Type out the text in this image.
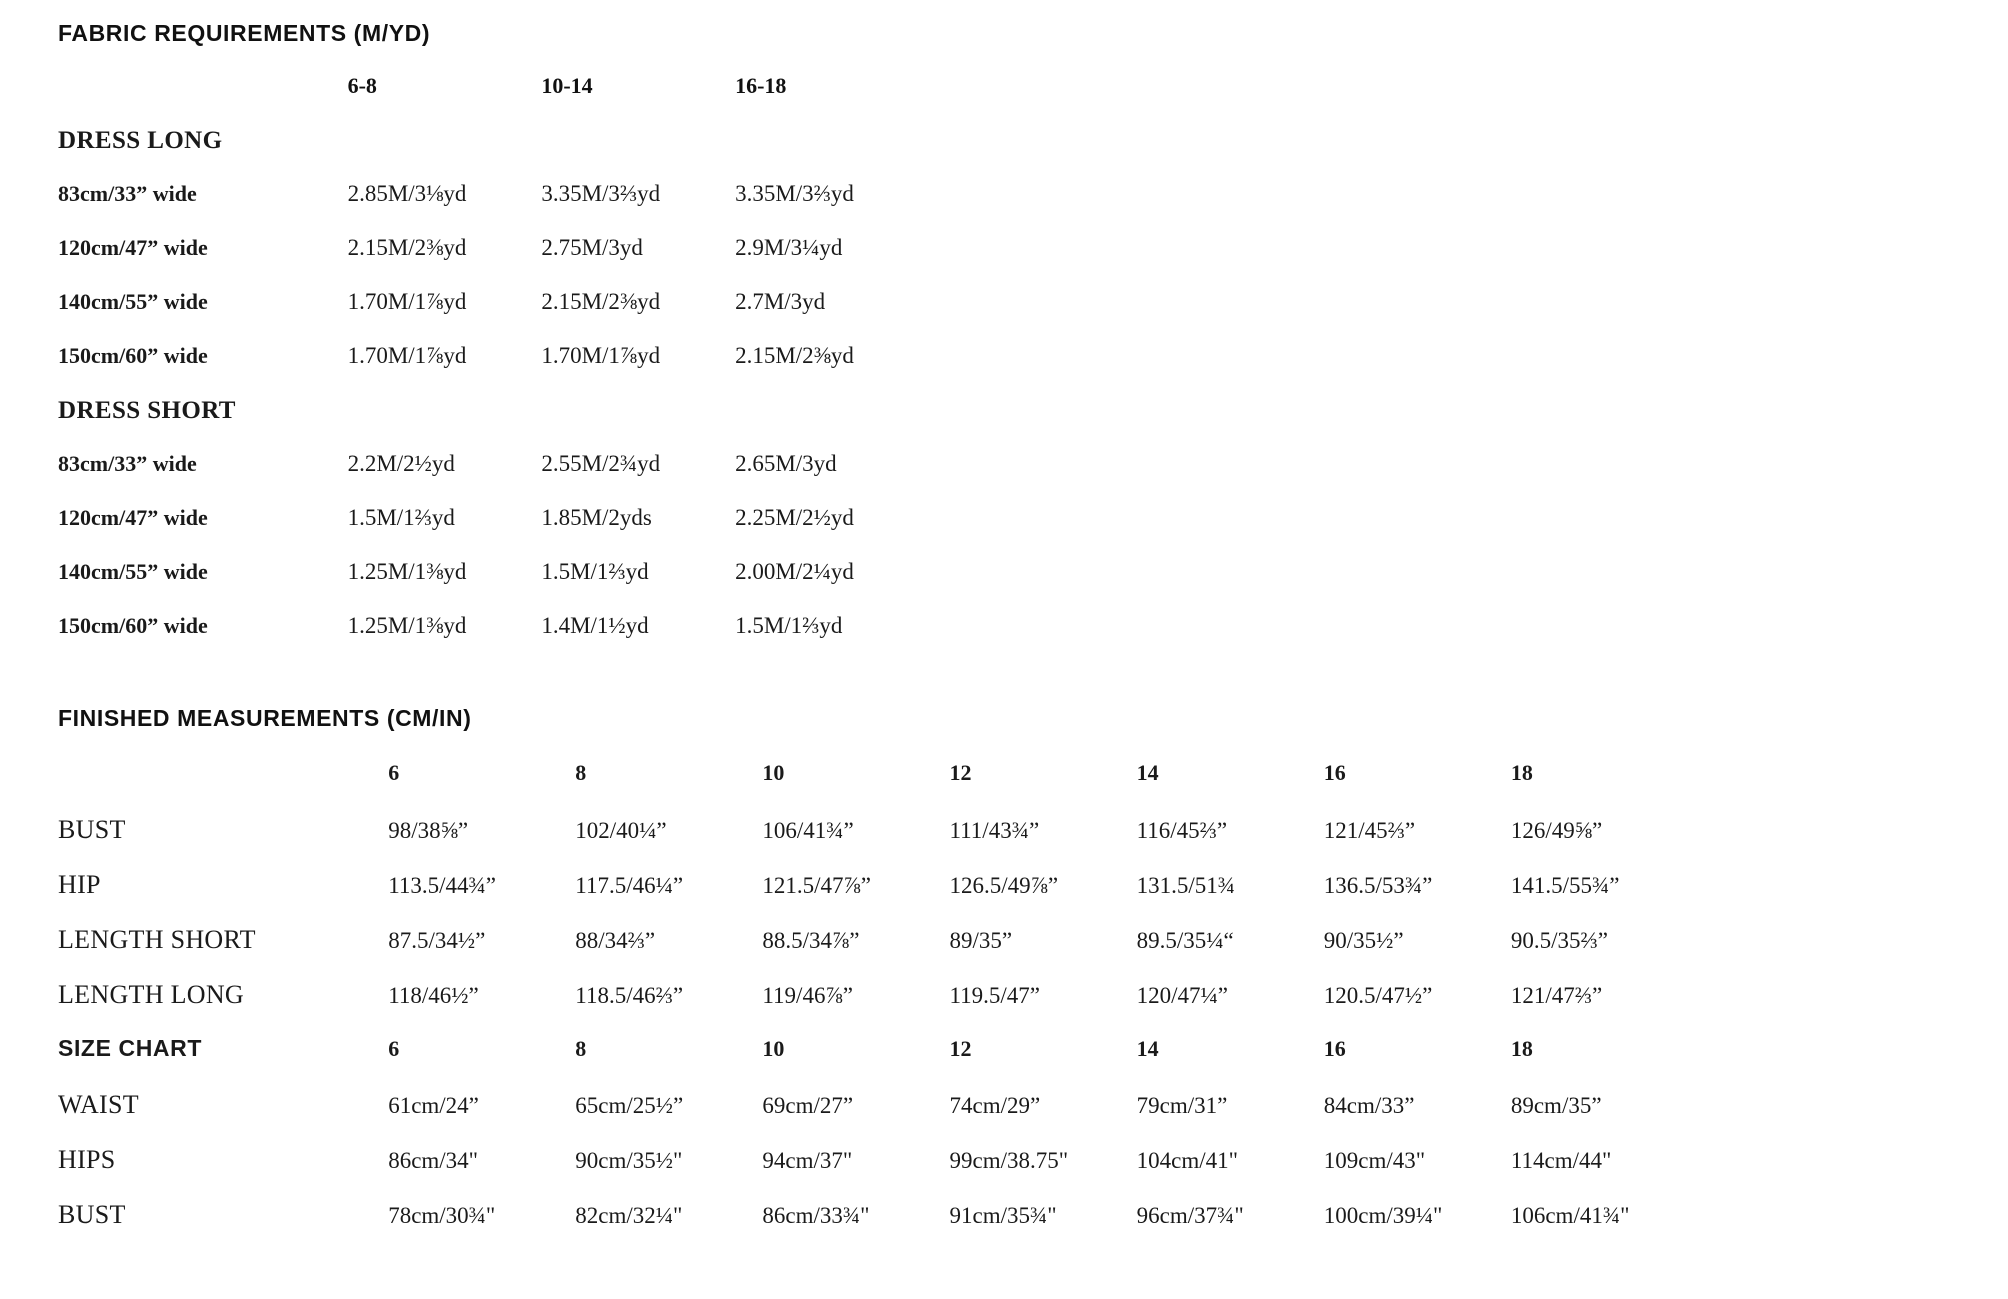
FABRIC REQUIREMENTS (M/YD)
	6-8	10-14	16-18
DRESS LONG			
83cm/33” wide	2.85M/3⅛yd	3.35M/3⅔yd	3.35M/3⅔yd
120cm/47” wide	2.15M/2⅜yd	2.75M/3yd	2.9M/3¼yd
140cm/55” wide	1.70M/1⅞yd	2.15M/2⅜yd	2.7M/3yd
150cm/60” wide	1.70M/1⅞yd	1.70M/1⅞yd	2.15M/2⅜yd
DRESS SHORT			
83cm/33” wide	2.2M/2½yd	2.55M/2¾yd	2.65M/3yd
120cm/47” wide	1.5M/1⅔yd	1.85M/2yds	2.25M/2½yd
140cm/55” wide	1.25M/1⅜yd	1.5M/1⅔yd	2.00M/2¼yd
150cm/60” wide	1.25M/1⅜yd	1.4M/1½yd	1.5M/1⅔yd
FINISHED MEASUREMENTS (CM/IN)
	6	8	10	12	14	16	18
BUST	98/38⅝”	102/40¼”	106/41¾”	111/43¾”	116/45⅔”	121/45⅔”	126/49⅝”
HIP	113.5/44¾”	117.5/46¼”	121.5/47⅞”	126.5/49⅞”	131.5/51¾	136.5/53¾”	141.5/55¾”
LENGTH SHORT	87.5/34½”	88/34⅔”	88.5/34⅞”	89/35”	89.5/35¼“	90/35½”	90.5/35⅔”
LENGTH LONG	118/46½”	118.5/46⅔”	119/46⅞”	119.5/47”	120/47¼”	120.5/47½”	121/47⅔”
SIZE CHART	6	8	10	12	14	16	18
WAIST	61cm/24”	65cm/25½”	69cm/27”	74cm/29”	79cm/31”	84cm/33”	89cm/35”
HIPS	86cm/34"	90cm/35½"	94cm/37"	99cm/38.75"	104cm/41"	109cm/43"	114cm/44"
BUST	78cm/30¾"	82cm/32¼"	86cm/33¾"	91cm/35¾"	96cm/37¾"	100cm/39¼"	106cm/41¾"
